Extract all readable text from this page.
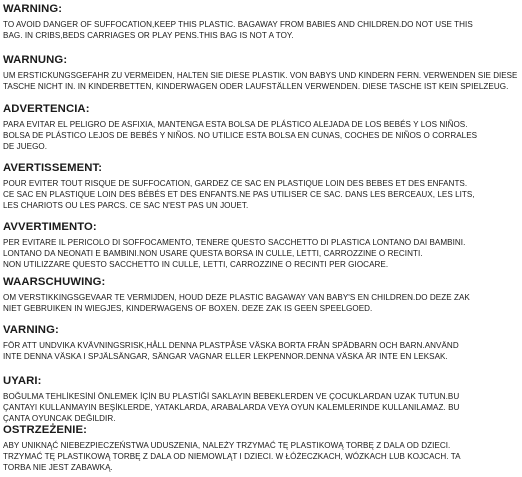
WARNING:
TO AVOID DANGER OF SUFFOCATION,KEEP THIS PLASTIC. BAGAWAY FROM BABIES AND CHILDREN.DO NOT USE THIS
BAG. IN CRIBS,BEDS CARRIAGES OR PLAY PENS.THIS BAG IS NOT A TOY.
WARNUNG:
UM ERSTICKUNGSGEFAHR ZU VERMEIDEN, HALTEN SIE DIESE PLASTIK. VON BABYS UND KINDERN FERN. VERWENDEN SIE DIESE
TASCHE NICHT IN. IN KINDERBETTEN, KINDERWAGEN ODER LAUFSTÄLLEN VERWENDEN. DIESE TASCHE IST KEIN SPIELZEUG.
ADVERTENCIA:
PARA EVITAR EL PELIGRO DE ASFIXIA, MANTENGA ESTA BOLSA DE PLÁSTICO ALEJADA DE LOS BEBÉS Y LOS NIÑOS.
BOLSA DE PLÁSTICO LEJOS DE BEBÉS Y NIÑOS. NO UTILICE ESTA BOLSA EN CUNAS, COCHES DE NIÑOS O CORRALES
DE JUEGO.
AVERTISSEMENT:
POUR EVITER TOUT RISQUE DE SUFFOCATION, GARDEZ CE SAC EN PLASTIQUE LOIN DES BEBES ET DES ENFANTS.
CE SAC EN PLASTIQUE LOIN DES BÉBÉS ET DES ENFANTS.NE PAS UTILISER CE SAC. DANS LES BERCEAUX, LES LITS,
LES CHARIOTS OU LES PARCS. CE SAC N'EST PAS UN JOUET.
AVVERTIMENTO:
PER EVITARE IL PERICOLO DI SOFFOCAMENTO, TENERE QUESTO SACCHETTO DI PLASTICA LONTANO DAI BAMBINI.
LONTANO DA NEONATI E BAMBINI.NON USARE QUESTA BORSA IN CULLE, LETTI, CARROZZINE O RECINTI.
NON UTILIZZARE QUESTO SACCHETTO IN CULLE, LETTI, CARROZZINE O RECINTI PER GIOCARE.
WAARSCHUWING:
OM VERSTIKKINGSGEVAAR TE VERMIJDEN, HOUD DEZE PLASTIC BAGAWAY VAN BABY'S EN CHILDREN.DO DEZE ZAK
NIET GEBRUIKEN IN WIEGJES, KINDERWAGENS OF BOXEN. DEZE ZAK IS GEEN SPEELGOED.
VARNING:
FÖR ATT UNDVIKA KVÄVNINGSRISK,HÅLL DENNA PLASTPÅSE VÄSKA BORTA FRÅN SPÄDBARN OCH BARN.ANVÄND
INTE DENNA VÄSKA I SPJÄLSÄNGAR, SÄNGAR VAGNAR ELLER LEKPENNOR.DENNA VÄSKA ÄR INTE EN LEKSAK.
UYARI:
BOĞULMA TEHLİKESİNİ ÖNLEMEK İÇİN BU PLASTİĞİ SAKLAYIN BEBEKLERDEN VE ÇOCUKLARDAN UZAK TUTUN.BU
ÇANTAYI KULLANMAYIN BEŞİKLERDE, YATAKLARDA, ARABALARDA VEYA OYUN KALEMLERINDE KULLANILAMAZ. BU
ÇANTA OYUNCAK DEĞILDIR.
OSTRZEŻENIE:
ABY UNIKNĄĆ NIEBEZPIECZEŃSTWA UDUSZENIA, NALEŻY TRZYMAĆ TĘ PLASTIKOWĄ TORBĘ Z DALA OD DZIECI.
TRZYMAĆ TĘ PLASTIKOWĄ TORBĘ Z DALA OD NIEMOWLĄT I DZIECI. W ŁÓŻECZKACH, WÓZKACH LUB KOJCACH. TA
TORBA NIE JEST ZABAWKĄ.
